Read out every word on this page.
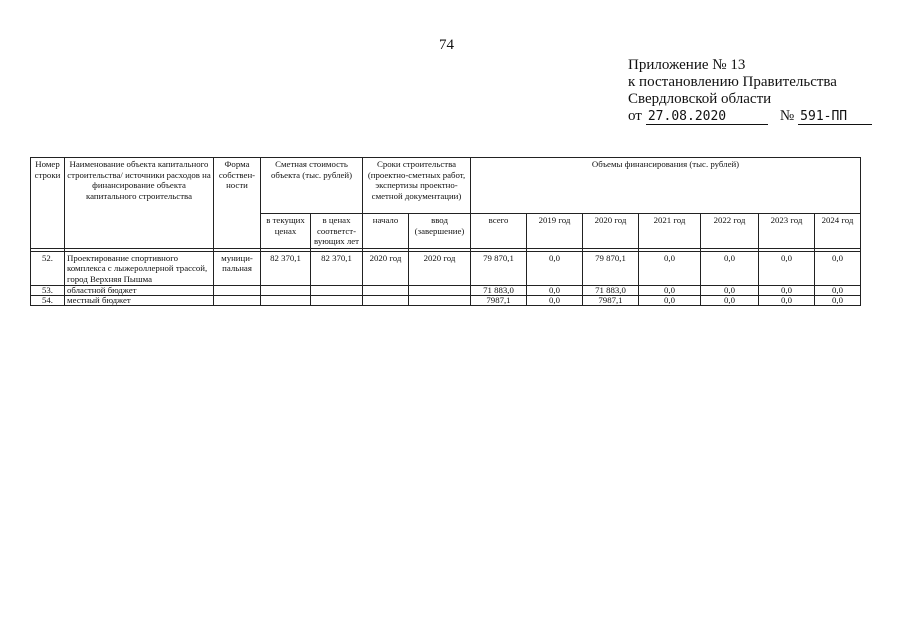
74
Приложение № 13
к постановлению Правительства
Свердловской области
от 27.08.2020	№ 591-ПП
Номер строки	Наименование объекта капитального строительства/ источники расходов на финансирование объекта капитального строительства	Форма собствен-ности	Сметная стоимость объекта (тыс. рублей)		Сроки строительства (проектно-сметных работ, экспертизы проектно-сметной документации)		Объемы финансирования (тыс. рублей)						
			в текущих ценах	в ценах соответст-вующих лет	начало	ввод (завершение)	всего	2019 год	2020 год	2021 год	2022 год	2023 год	2024 год

52.	Проектирование спортивного комплекса с лыжероллерной трассой, город Верхняя Пышма	муници-пальная	82 370,1	82 370,1	2020 год	2020 год	79 870,1	0,0	79 870,1	0,0	0,0	0,0	0,0
53.	областной бюджет						71 883,0	0,0	71 883,0	0,0	0,0	0,0	0,0
54.	местный бюджет						7987,1	0,0	7987,1	0,0	0,0	0,0	0,0
